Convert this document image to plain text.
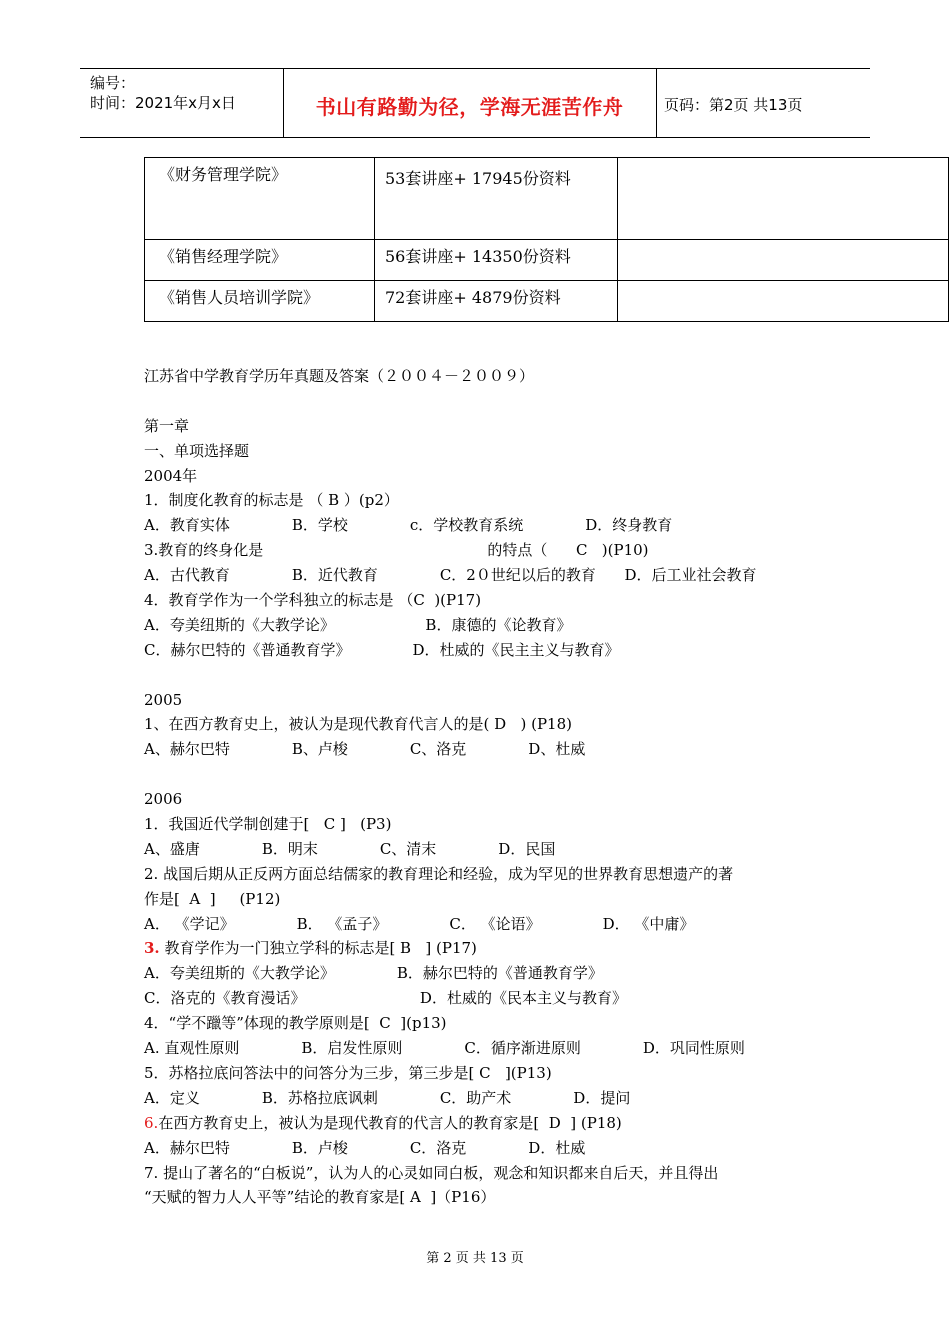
编号：
时间：2021年x月x日	书山有路勤为径，学海无涯苦作舟	页码：第2页 共13页
《财务管理学院》	53套讲座+ 17945份资料	
《销售经理学院》	56套讲座+ 14350份资料	
《销售人员培训学院》	72套讲座+ 4879份资料	
江苏省中学教育学历年真题及答案（２００４－２００９）
第一章
一、单项选择题
2004年
1．制度化教育的标志是 （ B ）(p2）
A．教育实体             B．学校             c．学校教育系统             D．终身教育
3.教育的终身化是                                               的特点（      C   )(P10)
A．古代教育             B．近代教育             C．2０世纪以后的教育      D．后工业社会教育
4．教育学作为一个学科独立的标志是 （C  )(P17)
A．夸美纽斯的《大教学论》                   B．康德的《论教育》
C．赫尔巴特的《普通教育学》             D．杜威的《民主主义与教育》
2005
1、在西方教育史上，被认为是现代教育代言人的是( D   ) (P18)
A、赫尔巴特             B、卢梭             C、洛克             D、杜威
2006
1．我国近代学制创建于[   C ]   (P3)
A、盛唐             B．明末             C、清末             D．民国
2. 战国后期从正反两方面总结儒家的教育理论和经验，成为罕见的世界教育思想遗产的著
作是[  A  ]     (P12)
A． 《学记》             B． 《孟子》             C． 《论语》             D． 《中庸》
3. 教育学作为一门独立学科的标志是[ B   ] (P17)
A．夸美纽斯的《大教学论》             B．赫尔巴特的《普通教育学》
C．洛克的《教育漫话》                        D．杜威的《民本主义与教育》
4．“学不躐等”体现的教学原则是[  C  ](p13)
A. 直观性原则             B．启发性原则             C．循序渐进原则             D．巩同性原则
5．苏格拉底问答法中的问答分为三步，第三步是[ C   ](P13)
A．定义             B．苏格拉底讽刺             C．助产术             D．提问
6.在西方教育史上，被认为是现代教育的代言人的教育家是[  D  ] (P18)
A．赫尔巴特             B．卢梭             C．洛克             D．杜威
7. 提山了著名的“白板说”，认为人的心灵如同白板，观念和知识都来自后天，并且得出
“天赋的智力人人平等”结论的教育家是[ A  ]（P16）
第 2 页 共 13 页
